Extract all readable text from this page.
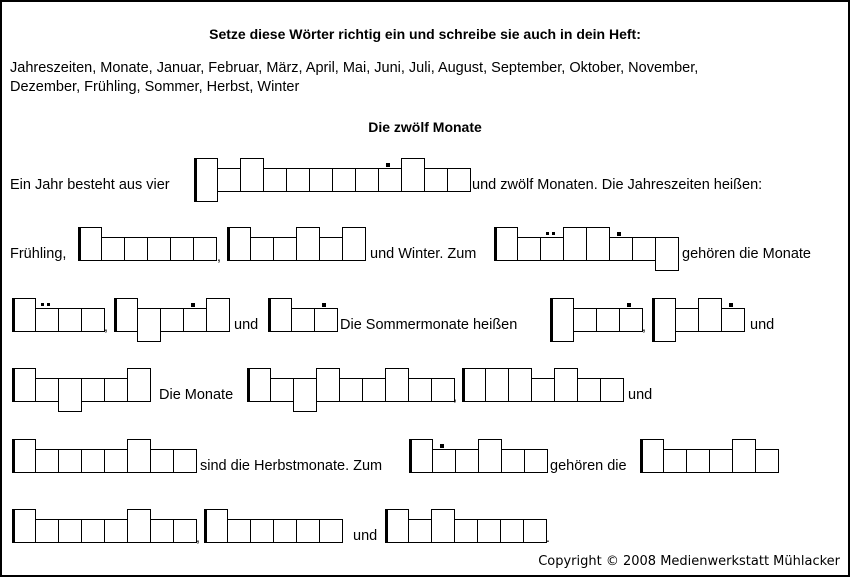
Setze diese Wörter richtig ein und schreibe sie auch in dein Heft:
Jahreszeiten, Monate, Januar, Februar, März, April, Mai, Juni, Juli, August, September, Oktober, November,
Dezember, Frühling, Sommer, Herbst, Winter
Die zwölf Monate
Ein Jahr besteht aus vier	und zwölf Monaten. Die Jahreszeiten heißen:
Frühling,	,	und Winter. Zum	gehören die Monate
,	und	Die Sommermonate heißen	,	und
Die Monate	,	und
sind die Herbstmonate. Zum	gehören die
,	und	.
Copyright © 2008 Medienwerkstatt Mühlacker
